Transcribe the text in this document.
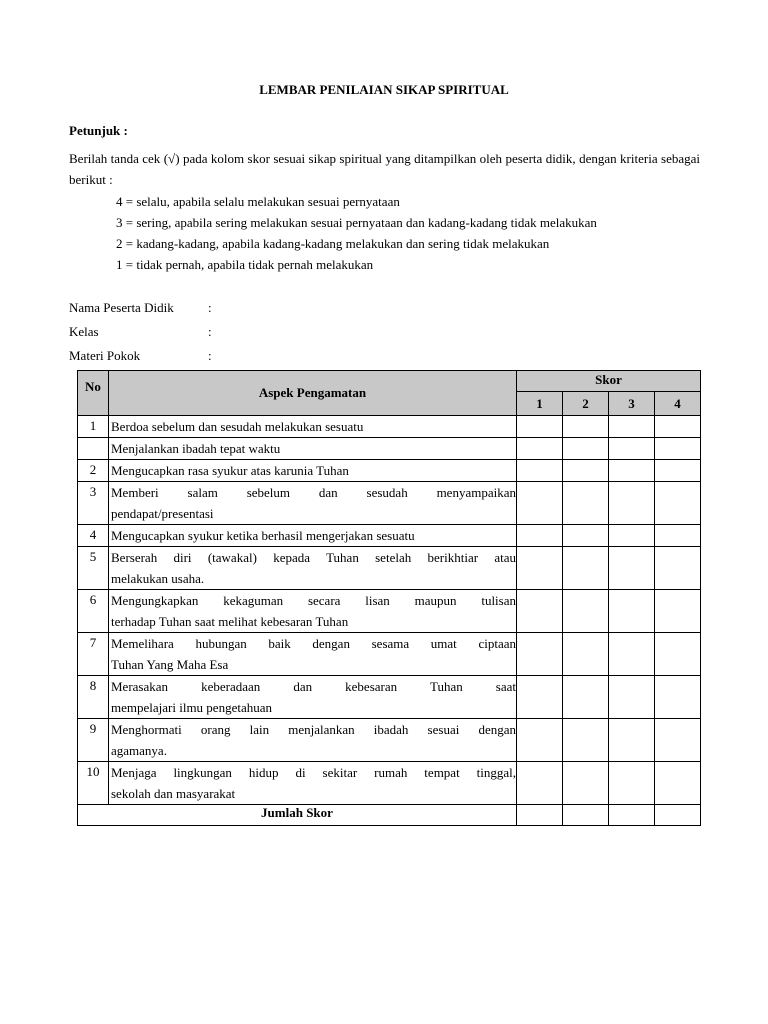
LEMBAR PENILAIAN SIKAP SPIRITUAL
Petunjuk :

Berilah tanda cek (√) pada kolom skor sesuai sikap spiritual yang ditampilkan oleh peserta didik, dengan kriteria sebagai berikut :

4 = selalu, apabila selalu melakukan sesuai pernyataan
3 = sering, apabila sering melakukan sesuai pernyataan dan kadang-kadang tidak melakukan
2 = kadang-kadang, apabila kadang-kadang melakukan dan sering tidak melakukan
1 = tidak pernah, apabila tidak pernah melakukan
Nama Peserta Didik	:
Kelas	:
Materi Pokok	:
No	Aspek Pengamatan	Skor			
		1	2	3	4
1	Berdoa sebelum dan sesudah melakukan sesuatu				

	Menjalankan ibadah tepat waktu				

2	Mengucapkan rasa syukur atas karunia Tuhan				

3	Memberi salam sebelum dan sesudah menyampaikan
pendapat/presentasi				

4	Mengucapkan syukur ketika berhasil mengerjakan sesuatu				

5	Berserah diri (tawakal) kepada Tuhan setelah berikhtiar atau
melakukan usaha.				

6	Mengungkapkan kekaguman secara lisan maupun tulisan
terhadap Tuhan saat melihat kebesaran Tuhan				

7	Memelihara hubungan baik dengan sesama umat ciptaan
Tuhan Yang Maha Esa				

8	Merasakan keberadaan dan kebesaran Tuhan saat
mempelajari ilmu pengetahuan				

9	Menghormati orang lain menjalankan ibadah sesuai dengan
agamanya.				

10	Menjaga lingkungan hidup di sekitar rumah tempat tinggal,
sekolah dan masyarakat				

Jumlah Skor					
